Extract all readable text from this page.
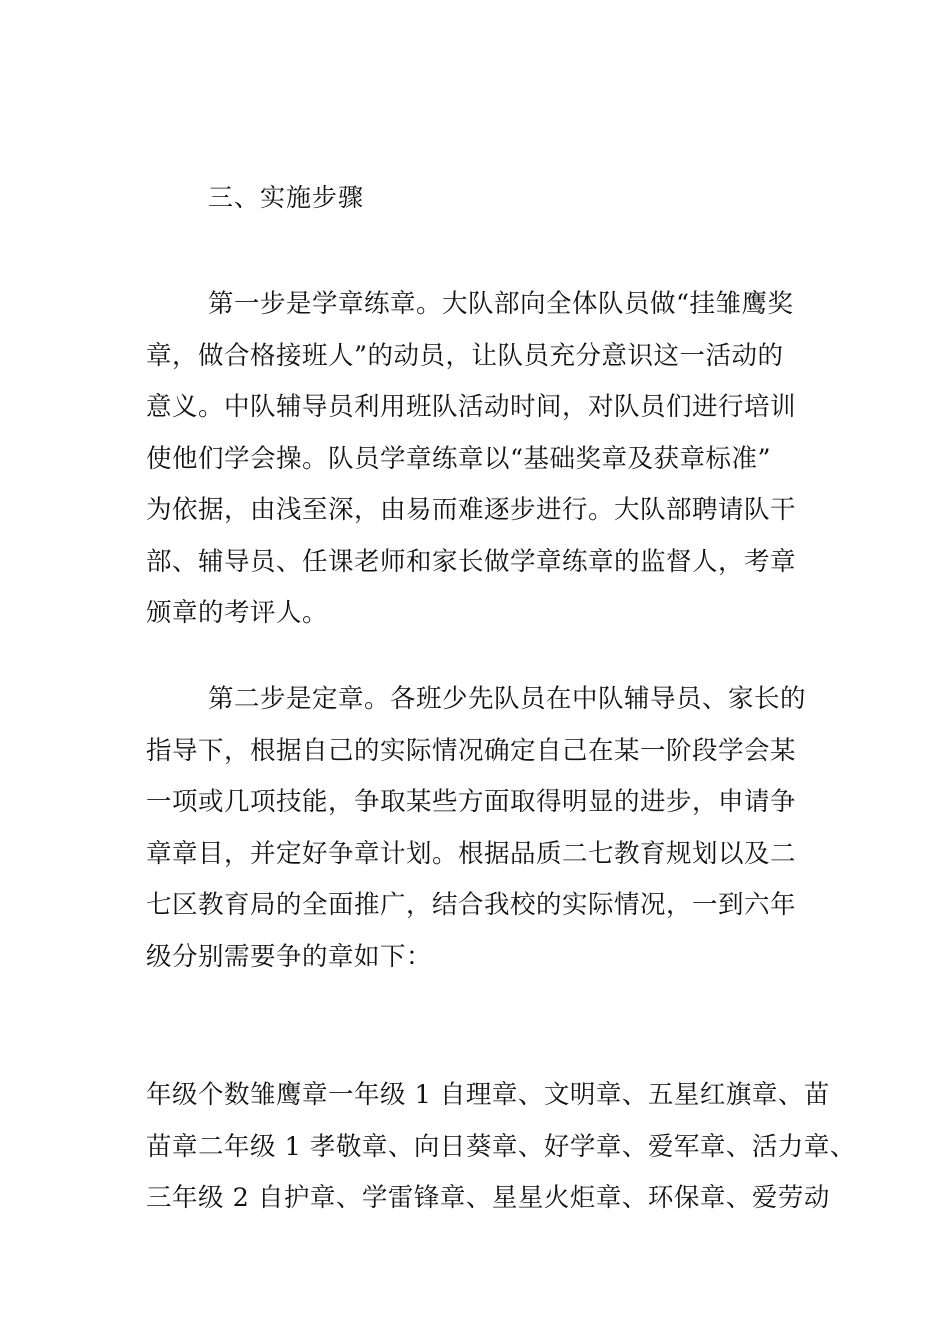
三、实施步骤
第一步是学章练章。大队部向全体队员做“挂雏鹰奖
章，做合格接班人”的动员，让队员充分意识这一活动的
意义。中队辅导员利用班队活动时间，对队员们进行培训
使他们学会操。队员学章练章以“基础奖章及获章标准”
为依据，由浅至深，由易而难逐步进行。大队部聘请队干
部、辅导员、任课老师和家长做学章练章的监督人，考章
颁章的考评人。
第二步是定章。各班少先队员在中队辅导员、家长的
指导下，根据自己的实际情况确定自己在某一阶段学会某
一项或几项技能，争取某些方面取得明显的进步，申请争
章章目，并定好争章计划。根据品质二七教育规划以及二
七区教育局的全面推广，结合我校的实际情况，一到六年
级分别需要争的章如下：
年级个数雏鹰章一年级 1 自理章、文明章、五星红旗章、苗
苗章二年级 1 孝敬章、向日葵章、好学章、爱军章、活力章、
三年级 2 自护章、学雷锋章、星星火炬章、环保章、爱劳动
